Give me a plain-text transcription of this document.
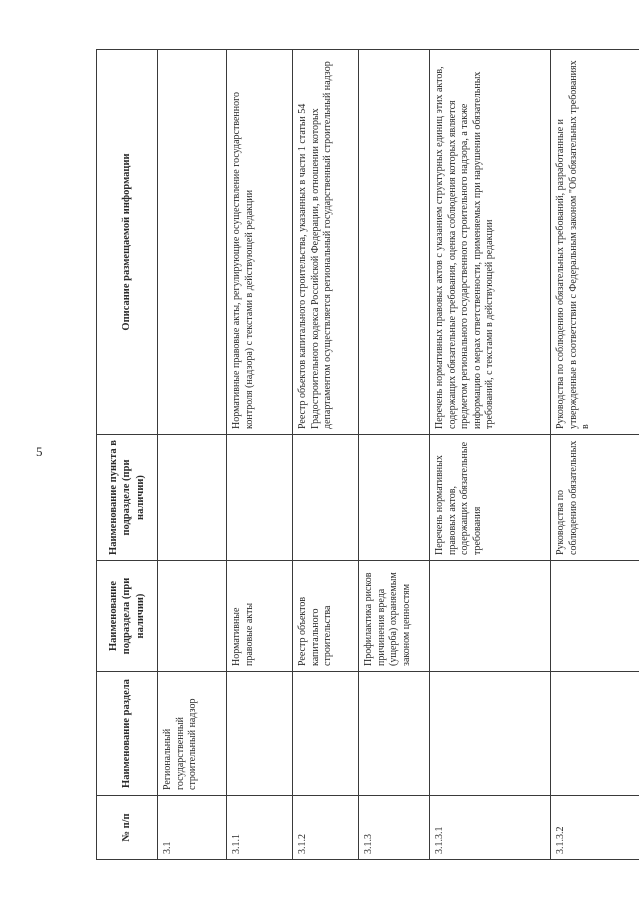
5
№ п/п	Наименование раздела	Наименование подраздела (при наличии)	Наименование пункта в подразделе (при наличии)	Описание размещаемой информации
3.1	Региональный государственный строительный надзор			
3.1.1		Нормативные правовые акты		Нормативные правовые акты, регулирующие осуществление государственного контроля (надзора) с текстами в действующей редакции
3.1.2		Реестр объектов капитального строительства		Реестр объектов капитального строительства, указанных в части 1 статьи 54 Градостроительного кодекса Российской Федерации, в отношении которых департаментом осуществляется региональный государственный строительный надзор
3.1.3		Профилактика рисков причинения вреда (ущерба) охраняемым законом ценностям		
3.1.3.1			Перечень нормативных правовых актов, содержащих обязательные требования	Перечень нормативных правовых актов с указанием структурных единиц этих актов, содержащих обязательные требования, оценка соблюдения которых является предметом регионального государственного строительного надзора, а также информацию о мерах ответственности, применяемых при нарушении обязательных требований, с текстами в действующей редакции
3.1.3.2			Руководства по соблюдению обязательных	Руководства по соблюдению обязательных требований, разработанные и утвержденные в соответствии с Федеральным законом "Об обязательных требованиях в
